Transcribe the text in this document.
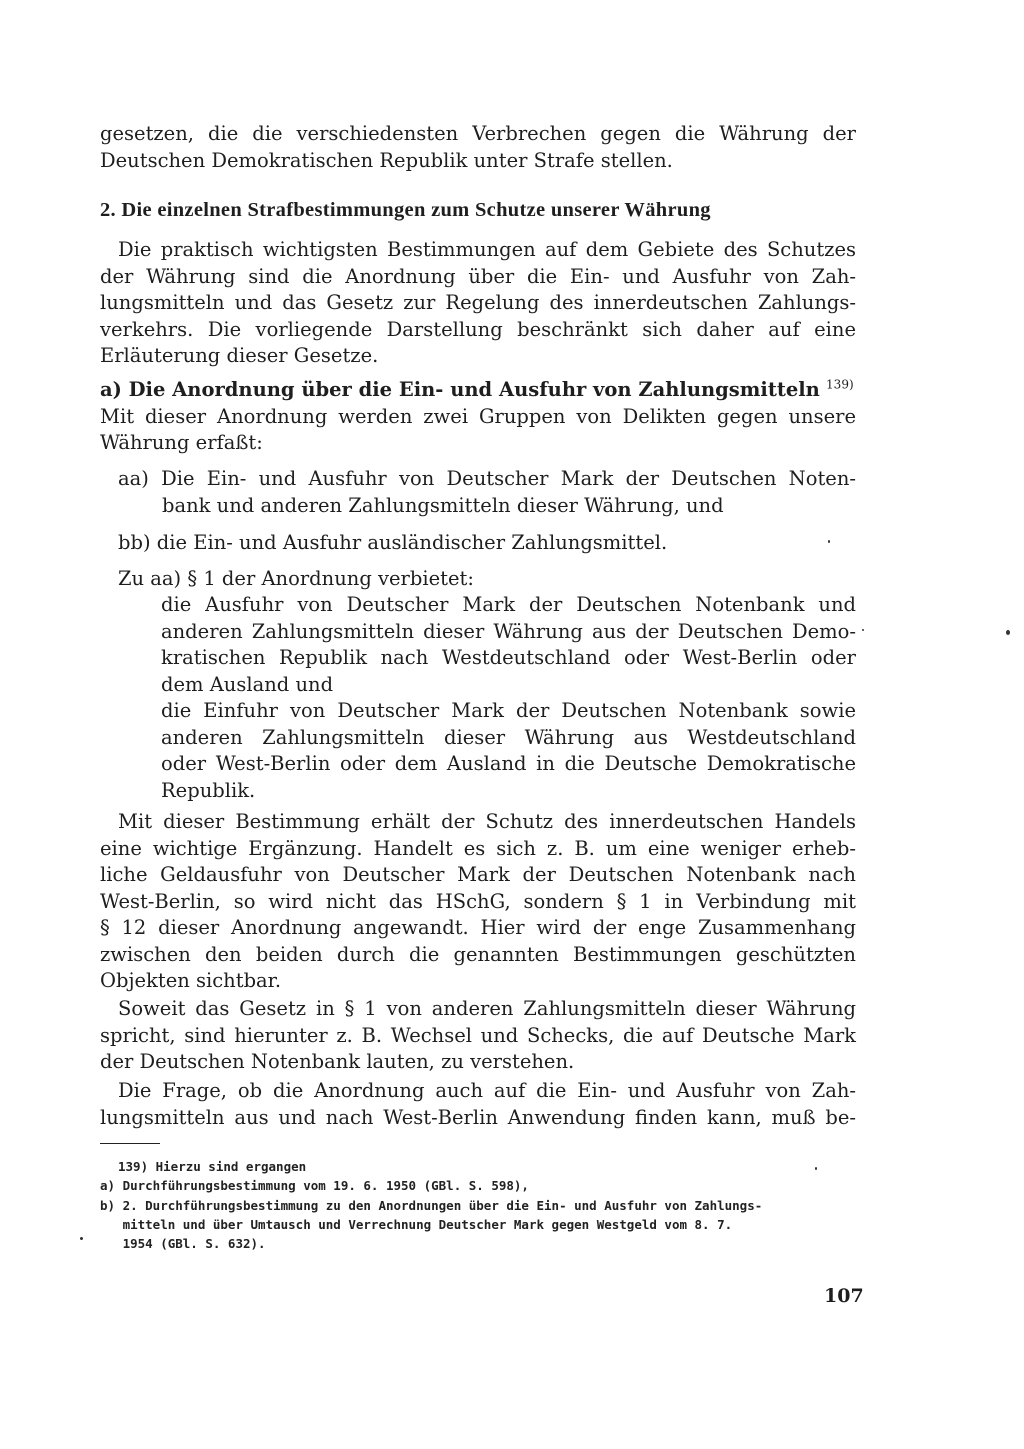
gesetzen, die die verschiedensten Verbrechen gegen die Währung der
Deutschen Demokratischen Republik unter Strafe stellen.
2. Die einzelnen Strafbestimmungen zum Schutze unserer Währung
Die praktisch wichtigsten Bestimmungen auf dem Gebiete des Schutzes
der Währung sind die Anordnung über die Ein- und Ausfuhr von Zah-
lungsmitteln und das Gesetz zur Regelung des innerdeutschen Zahlungs-
verkehrs. Die vorliegende Darstellung beschränkt sich daher auf eine
Erläuterung dieser Gesetze.
a) Die Anordnung über die Ein- und Ausfuhr von Zahlungsmitteln $^{139)}$
Mit dieser Anordnung werden zwei Gruppen von Delikten gegen unsere
Währung erfaßt:
aa) Die Ein- und Ausfuhr von Deutscher Mark der Deutschen Noten-
bank und anderen Zahlungsmitteln dieser Währung, und
bb) die Ein- und Ausfuhr ausländischer Zahlungsmittel.
Zu aa) § 1 der Anordnung verbietet:
die Ausfuhr von Deutscher Mark der Deutschen Notenbank und
anderen Zahlungsmitteln dieser Währung aus der Deutschen Demo-
kratischen Republik nach Westdeutschland oder West-Berlin oder
dem Ausland und
die Einfuhr von Deutscher Mark der Deutschen Notenbank sowie
anderen Zahlungsmitteln dieser Währung aus Westdeutschland
oder West-Berlin oder dem Ausland in die Deutsche Demokratische
Republik.
Mit dieser Bestimmung erhält der Schutz des innerdeutschen Handels
eine wichtige Ergänzung. Handelt es sich z. B. um eine weniger erheb-
liche Geldausfuhr von Deutscher Mark der Deutschen Notenbank nach
West-Berlin, so wird nicht das HSchG, sondern § 1 in Verbindung mit
§ 12 dieser Anordnung angewandt. Hier wird der enge Zusammenhang
zwischen den beiden durch die genannten Bestimmungen geschützten
Objekten sichtbar.
Soweit das Gesetz in § 1 von anderen Zahlungsmitteln dieser Währung
spricht, sind hierunter z. B. Wechsel und Schecks, die auf Deutsche Mark
der Deutschen Notenbank lauten, zu verstehen.
Die Frage, ob die Anordnung auch auf die Ein- und Ausfuhr von Zah-
lungsmitteln aus und nach West-Berlin Anwendung finden kann, muß be-
139) Hierzu sind ergangen
a) Durchführungsbestimmung vom 19. 6. 1950 (GBl. S. 598),
b) 2. Durchführungsbestimmung zu den Anordnungen über die Ein- und Ausfuhr von Zahlungs-
mitteln und über Umtausch und Verrechnung Deutscher Mark gegen Westgeld vom 8. 7.
1954 (GBl. S. 632).
107
